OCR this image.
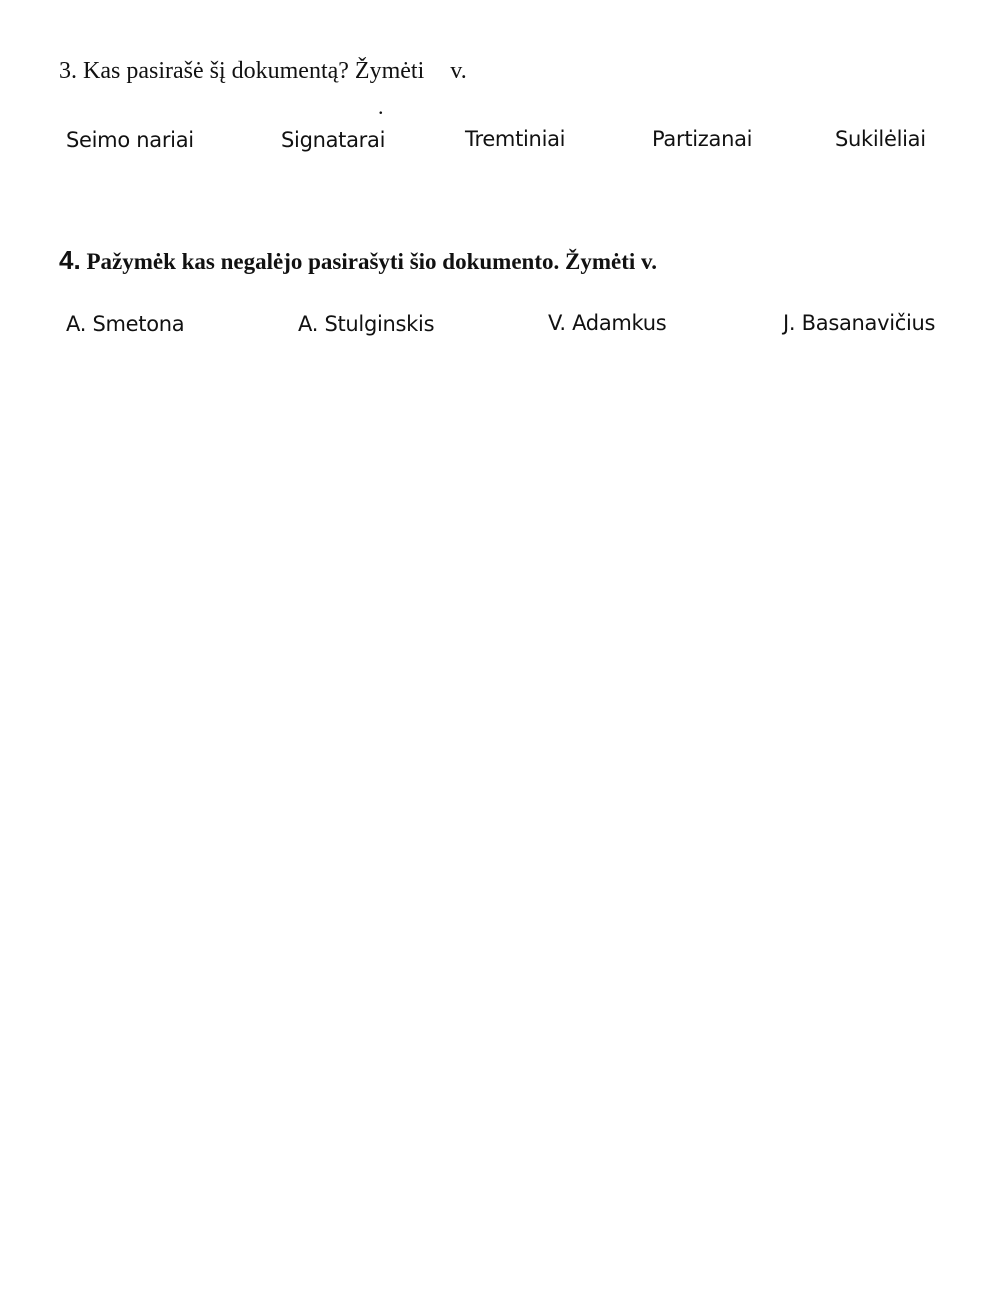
3. Kas pasirašė šį dokumentą? Žymėti v.
.
Seimo nariai	Signatarai	Tremtiniai	Partizanai	Sukilėliai
4. Pažymėk kas negalėjo pasirašyti šio dokumento. Žymėti v.
A. Smetona	A. Stulginskis	V. Adamkus	J. Basanavičius
